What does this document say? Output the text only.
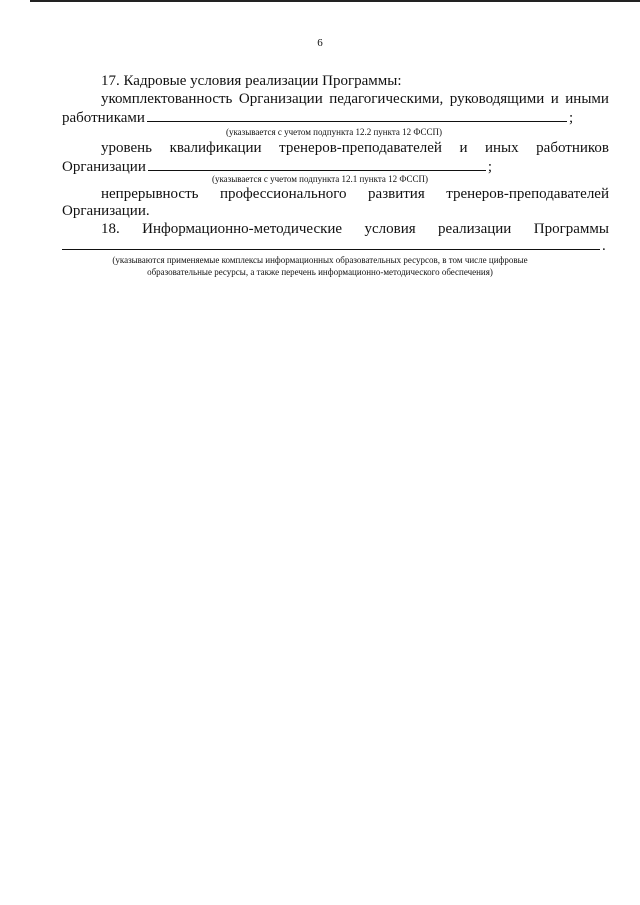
6
17. Кадровые условия реализации Программы:
укомплектованность Организации педагогическими, руководящими и иными
работниками	;
(указывается с учетом подпункта 12.2 пункта 12 ФССП)
уровень квалификации тренеров-преподавателей и иных работников
Организации	;
(указывается с учетом подпункта 12.1 пункта 12 ФССП)
непрерывность профессионального развития тренеров-преподавателей
Организации.
18. Информационно-методические условия реализации Программы
.
(указываются применяемые комплексы информационных образовательных ресурсов, в том числе цифровые
образовательные ресурсы, а также перечень информационно-методического обеспечения)
